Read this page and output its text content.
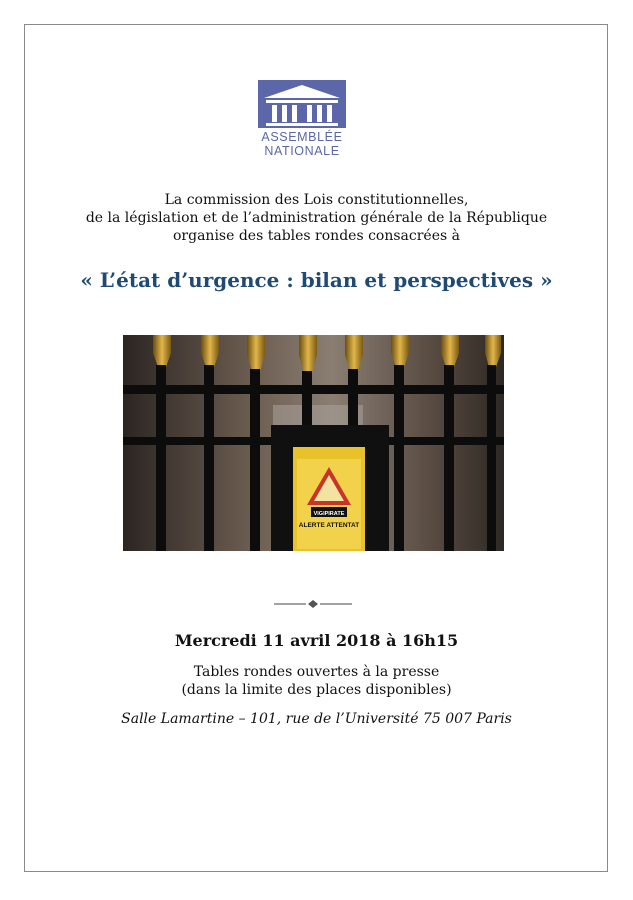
ASSEMBLÉE
NATIONALE
La commission des Lois constitutionnelles,
de la législation et de l’administration générale de la République
organise des tables rondes consacrées à
« L’état d’urgence : bilan et perspectives »
VIGIPIRATE
ALERTE ATTENTAT
Mercredi 11 avril 2018 à 16h15
Tables rondes ouvertes à la presse
(dans la limite des places disponibles)
Salle Lamartine – 101, rue de l’Université 75 007 Paris
